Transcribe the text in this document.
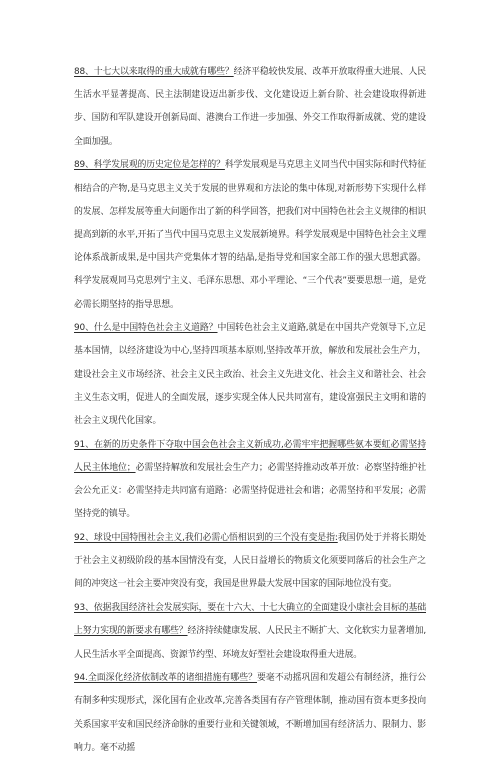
88、十七大以来取得的重大成就有哪些？经济平稳较快发展、改革开放取得重大进展、人民生活水平显著提高、民主法制建设迈出新步伐、文化建设迈上新台阶、社会建设取得新进步、国防和军队建设开创新局面、港澳台工作进一步加强、外交工作取得新成就、党的建设全面加强。

89、科学发展观的历史定位是怎样的？科学发展观是马克思主义同当代中国实际和时代特征相结合的产物,是马克思主义关于发展的世界观和方法论的集中体现,对新形势下实现什么样的发展、怎样发展等重大问题作出了新的科学回答，把我们对中国特色社会主义规律的相识提高到新的水平,开拓了当代中国马克思主义发展新境界。科学发展观是中国特色社会主义理论体系战新成果,是中国共产党集体才智的结晶,是指导党和国家全部工作的强大思想武器。科学发展观同马克思列宁主义、毛泽东思想、邓小平理论、“三个代表”要要思想一道，是党必需长期坚持的指导思想。

90、什么是中国特色社会主义道路？中国转色社会主义道路,就是在中国共产党领导下,立足基本国情，以经济建设为中心,坚持四项基本原则,坚持改革开放，解放和发展社会生产力，建设社会主义市场经济、社会主义民主政治、社会主义先进文化、社会主义和谐社会、社会主义生态文明，促进人的全面发展，逐步实现全体人民共同富有，建设富强民主文明和谐的社会主义现代化国家。

91、在新的历史条件下夺取中国会色社会主义新成功,必需牢牢把握哪些氨本要虹必需坚持人民主体地位；必需坚持解放和发展社会生产力；必需坚持推动改革开放：必察坚持维护社会公允正义：必需坚持走共同富有道路：必需坚持促进社会和谐；必需坚持和平发展；必需坚持党的镇导。

92、球设中国特围社会主义,我们必需心悟相识到的三个没有变是指:我国仍处于并将长期处于社会主义初级阶段的基本国情没有变，人民日益增长的物质文化须要同落后的社会生产之间的冲突这一社会主要冲突没有变，我国是世界最大发展中国家的国际地位没有变。

93、依据我国经济社会发展实际，要在十六大、十七大确立的全面建设小康社会目标的基础上努力实现的新要求有哪些？经济持续健康发展、人民民主不断扩大、文化软实力显著增加,人民生活水平全面提高、资源节约型、环境友好型社会建设取得重大进展。

94.全面深化经济依制改革的诸细措施有哪些？要毫不动摇巩固和发超公有制经济，推行公有制多种实现形式，深化国有企业改革,完善各类国有存产管理体制，推动国有资本更多投向关系国家平安和国民经济命脉的重要行业和关键领域，不断增加国有经济活力、限制力、影响力。毫不动摇
